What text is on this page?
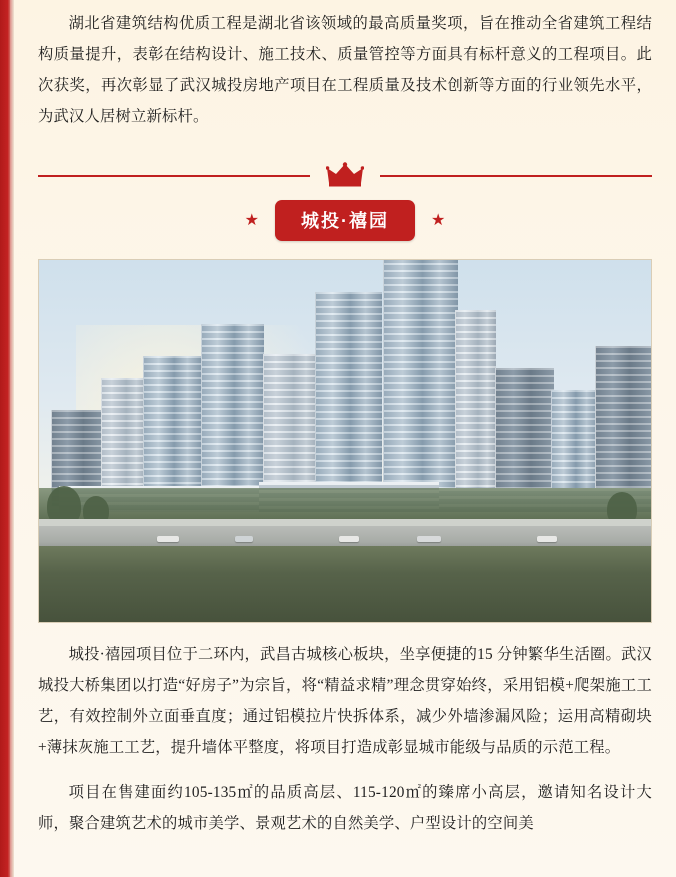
湖北省建筑结构优质工程是湖北省该领域的最高质量奖项，旨在推动全省建筑工程结构质量提升，表彰在结构设计、施工技术、质量管控等方面具有标杆意义的工程项目。此次获奖，再次彰显了武汉城投房地产项目在工程质量及技术创新等方面的行业领先水平，为武汉人居树立新标杆。

★	城投·禧园	★

城投·禧园项目位于二环内，武昌古城核心板块，坐享便捷的15 分钟繁华生活圈。武汉城投大桥集团以打造“好房子”为宗旨，将“精益求精”理念贯穿始终，采用铝模+爬架施工工艺，有效控制外立面垂直度；通过铝模拉片快拆体系，减少外墙渗漏风险；运用高精砌块+薄抹灰施工工艺，提升墙体平整度，将项目打造成彰显城市能级与品质的示范工程。

项目在售建面约105-135㎡的品质高层、115-120㎡的臻席小高层，邀请知名设计大师，聚合建筑艺术的城市美学、景观艺术的自然美学、户型设计的空间美
